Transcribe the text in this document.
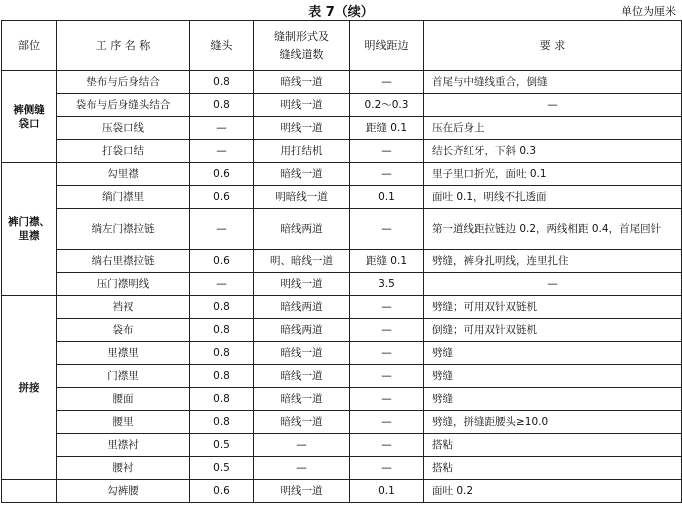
表 7（续）	单位为厘米
部位	工 序 名 称	缝头	缝制形式及
缝线道数	明线距边	要 求
裤侧缝
袋口	垫布与后身结合	0.8	暗线一道	—	首尾与中缝线重合，倒缝
	袋布与后身缝头结合	0.8	明线一道	0.2～0.3	—
	压袋口线	—	明线一道	距缝 0.1	压在后身上
	打袋口结	—	用打结机	—	结长齐红牙，下斜 0.3
裤门襟、
里襟	勾里襟	0.6	暗线一道	—	里子里口折光，面吐 0.1
	绱门襟里	0.6	明暗线一道	0.1	面吐 0.1，明线不扎透面
	绱左门襟拉链	—	暗线两道	—	第一道线距拉链边 0.2，两线相距 0.4，首尾回针
	绱右里襟拉链	0.6	明、暗线一道	距缝 0.1	劈缝，裤身扎明线，连里扎住
	压门襟明线	—	明线一道	3.5	—
拼接	裆衩	0.8	暗线两道	—	劈缝；可用双针双链机
	袋布	0.8	暗线两道	—	倒缝；可用双针双链机
	里襟里	0.8	暗线一道	—	劈缝
	门襟里	0.8	暗线一道	—	劈缝
	腰面	0.8	暗线一道	—	劈缝
	腰里	0.8	暗线一道	—	劈缝，拼缝距腰头≥10.0
	里襟衬	0.5	—	—	搭粘
	腰衬	0.5	—	—	搭粘
	勾裤腰	0.6	明线一道	0.1	面吐 0.2
